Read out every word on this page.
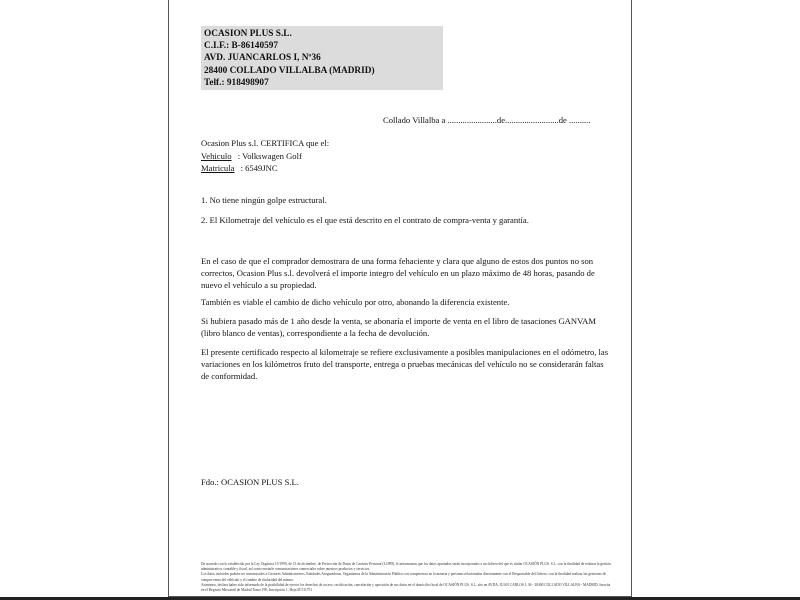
OCASION PLUS S.L.
C.I.F.: B-86140597
AVD. JUANCARLOS I, Nº36
28400 COLLADO VILLALBA (MADRID)
Telf.: 918498907
Collado Villalba a .......................de.........................de ..........
Ocasion Plus s.l. CERTIFICA que el:
Vehiculo : Volkswagen Golf
Matricula : 6549JNC
1. No tiene ningún golpe estructural.
2. El Kilometraje del vehículo es el que está descrito en el contrato de compra-venta y garantía.
En el caso de que el comprador demostrara de una forma fehaciente y clara que alguno de estos dos puntos no son correctos, Ocasion Plus s.l. devolverá el importe integro del vehículo en un plazo máximo de 48 horas, pasando de nuevo el vehículo a su propiedad.
También es viable el cambio de dicho vehículo por otro, abonando la diferencia existente.
Si hubiera pasado más de 1 año desde la venta, se abonaría el importe de venta en el libro de tasaciones GANVAM (libro blanco de ventas), correspondiente a la fecha de devolución.
El presente certificado respecto al kilometraje se refiere exclusivamente a posibles manipulaciones en el odómetro, las variaciones en los kilómetros fruto del transporte, entrega o pruebas mecánicas del vehículo no se considerarán faltas de conformidad.
Fdo.: OCASION PLUS S.L.
De acuerdo con lo establecido por la Ley Orgánica 15/1999, de 13 de diciembre, de Protección de Datos de Carácter Personal (LOPD), le informamos que los datos aportados serán incorporados a un fichero del que es titular OCASIÓN PLUS, S.L. con la finalidad de realizar la gestión administrativa, contable y fiscal, así como enviarle comunicaciones comerciales sobre nuestros productos y servicios.
Los datos incluidos podrán ser comunicados a Gestores Administrativos, Entidades Aseguradoras, Organismos de la Administración Pública con competencia en la materia y personas relacionadas directamente con el Responsable del fichero, con la finalidad realizar las gestiones de compra-venta del vehículo y el cambio de titularidad del mismo.
Asimismo, declara haber sido informado de la posibilidad de ejercer los derechos de acceso, rectificación, cancelación y oposición de sus datos en el domicilio fiscal de OCASIÓN PLUS, S.L. sito en AVDA. JUAN CARLOS I, 36 - 28400 COLLADO VILLALBA - MADRID. Inscrita en el Registro Mercantil de Madrid Tomo 190, Inscripción 1, Hoja M 511751
